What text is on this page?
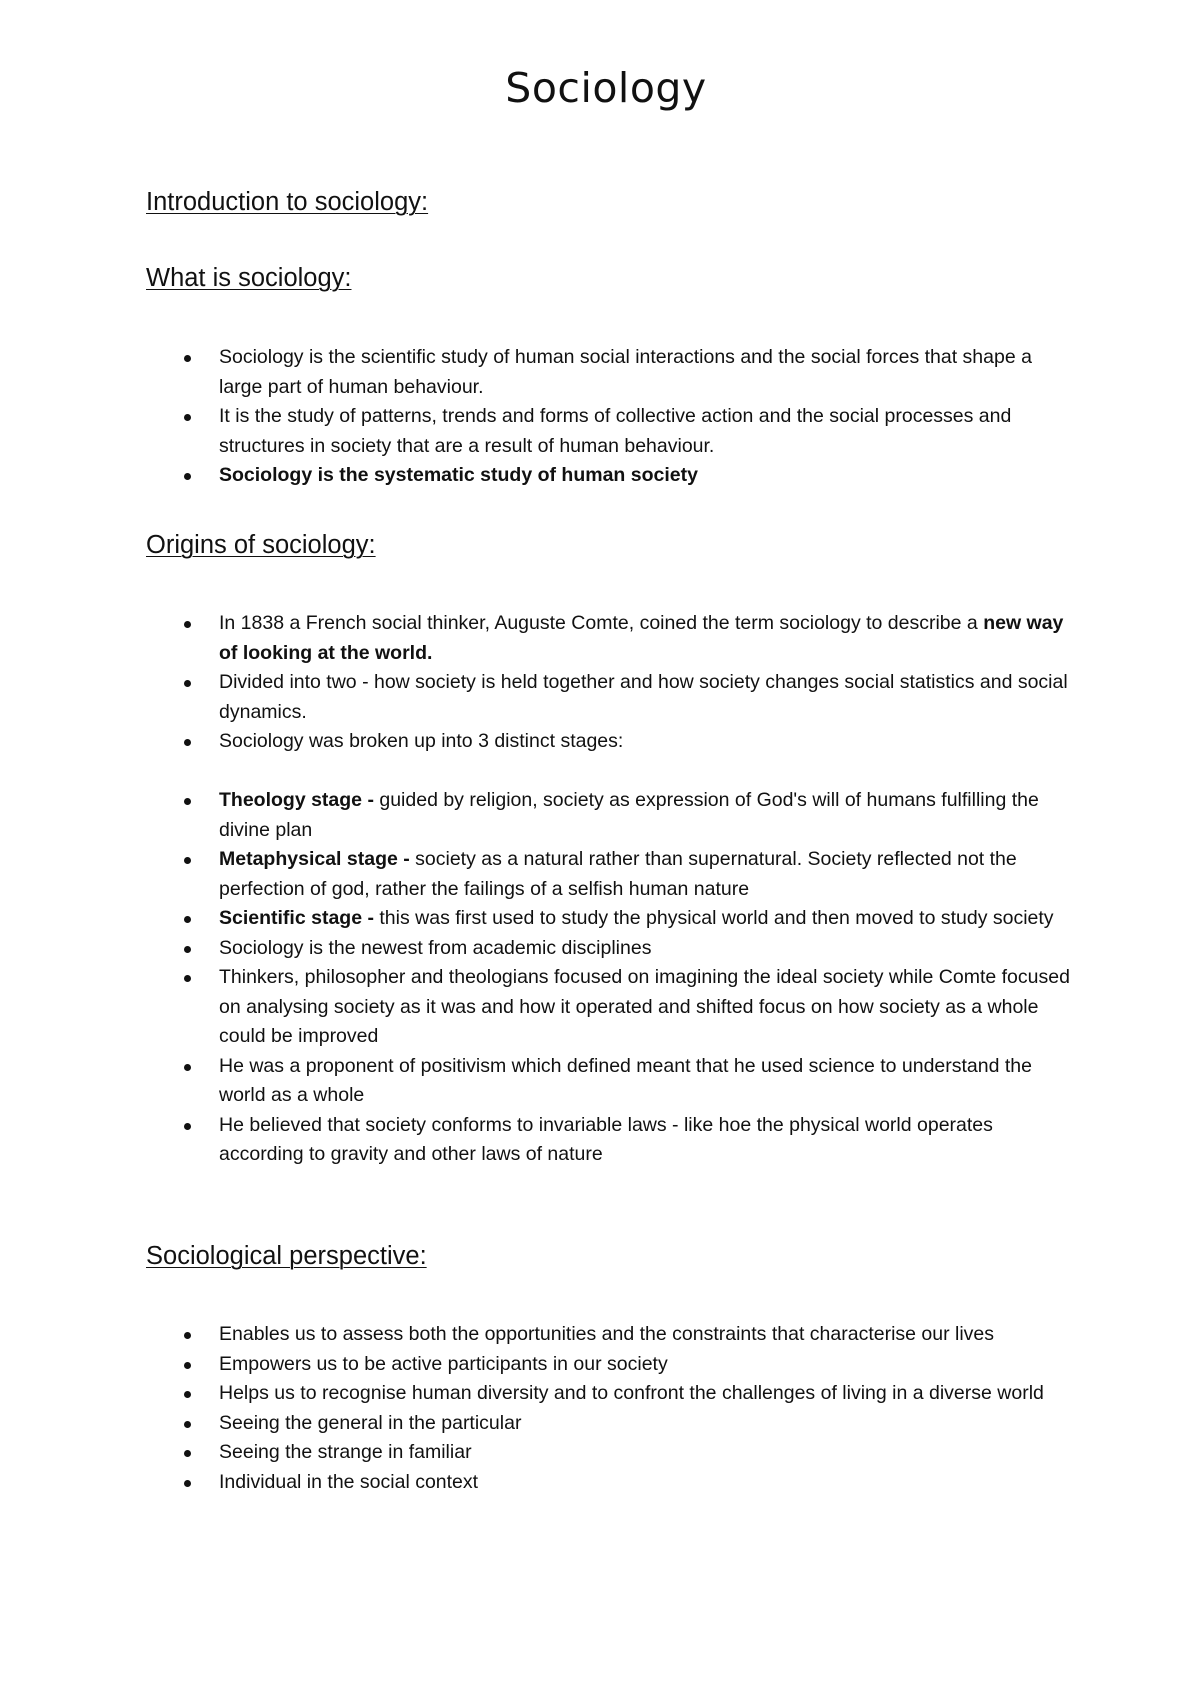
Sociology
Introduction to sociology:
What is sociology:
Sociology is the scientific study of human social interactions and the social forces that shape a large part of human behaviour.
It is the study of patterns, trends and forms of collective action and the social processes and structures in society that are a result of human behaviour.
Sociology is the systematic study of human society
Origins of sociology:
In 1838 a French social thinker, Auguste Comte, coined the term sociology to describe a new way of looking at the world.
Divided into two - how society is held together and how society changes social statistics and social dynamics.
Sociology was broken up into 3 distinct stages:
Theology stage - guided by religion, society as expression of God's will of humans fulfilling the divine plan
Metaphysical stage - society as a natural rather than supernatural. Society reflected not the perfection of god, rather the failings of a selfish human nature
Scientific stage - this was first used to study the physical world and then moved to study society
Sociology is the newest from academic disciplines
Thinkers, philosopher and theologians focused on imagining the ideal society while Comte focused on analysing society as it was and how it operated and shifted focus on how society as a whole could be improved
He was a proponent of positivism which defined meant that he used science to understand the world as a whole
He believed that society conforms to invariable laws - like hoe the physical world operates according to gravity and other laws of nature
Sociological perspective:
Enables us to assess both the opportunities and the constraints that characterise our lives
Empowers us to be active participants in our society
Helps us to recognise human diversity and to confront the challenges of living in a diverse world
Seeing the general in the particular
Seeing the strange in familiar
Individual in the social context
